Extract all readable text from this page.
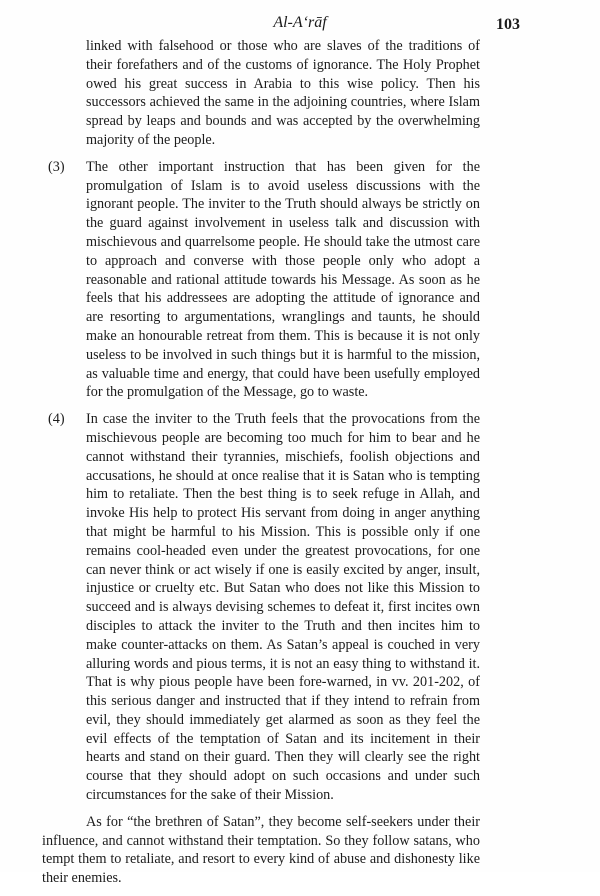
Al-A‘rāf	103

linked with falsehood or those who are slaves of the traditions of their forefathers and of the customs of ignorance. The Holy Prophet owed his great success in Arabia to this wise policy. Then his successors achieved the same in the adjoining countries, where Islam spread by leaps and bounds and was accepted by the overwhelming majority of the people.

(3) The other important instruction that has been given for the promulgation of Islam is to avoid useless discussions with the ignorant people. The inviter to the Truth should always be strictly on the guard against involvement in useless talk and discussion with mischievous and quarrelsome people. He should take the utmost care to approach and converse with those people only who adopt a reasonable and rational attitude towards his Message. As soon as he feels that his addressees are adopting the attitude of ignorance and are resorting to argumentations, wranglings and taunts, he should make an honourable retreat from them. This is because it is not only useless to be involved in such things but it is harmful to the mission, as valuable time and energy, that could have been usefully employed for the promulgation of the Message, go to waste.

(4) In case the inviter to the Truth feels that the provocations from the mischievous people are becoming too much for him to bear and he cannot withstand their tyrannies, mischiefs, foolish objections and accusations, he should at once realise that it is Satan who is tempting him to retaliate. Then the best thing is to seek refuge in Allah, and invoke His help to protect His servant from doing in anger anything that might be harmful to his Mission. This is possible only if one remains cool-headed even under the greatest provocations, for one can never think or act wisely if one is easily excited by anger, insult, injustice or cruelty etc. But Satan who does not like this Mission to succeed and is always devising schemes to defeat it, first incites own disciples to attack the inviter to the Truth and then incites him to make counter-attacks on them. As Satan’s appeal is couched in very alluring words and pious terms, it is not an easy thing to withstand it. That is why pious people have been fore-warned, in vv. 201-202, of this serious danger and instructed that if they intend to refrain from evil, they should immediately get alarmed as soon as they feel the evil effects of the temptation of Satan and its incitement in their hearts and stand on their guard. Then they will clearly see the right course that they should adopt on such occasions and under such circumstances for the sake of their Mission.

As for “the brethren of Satan”, they become self-seekers under their influence, and cannot withstand their temptation. So they follow satans, who tempt them to retaliate, and resort to every kind of abuse and dishonesty like their enemies.
